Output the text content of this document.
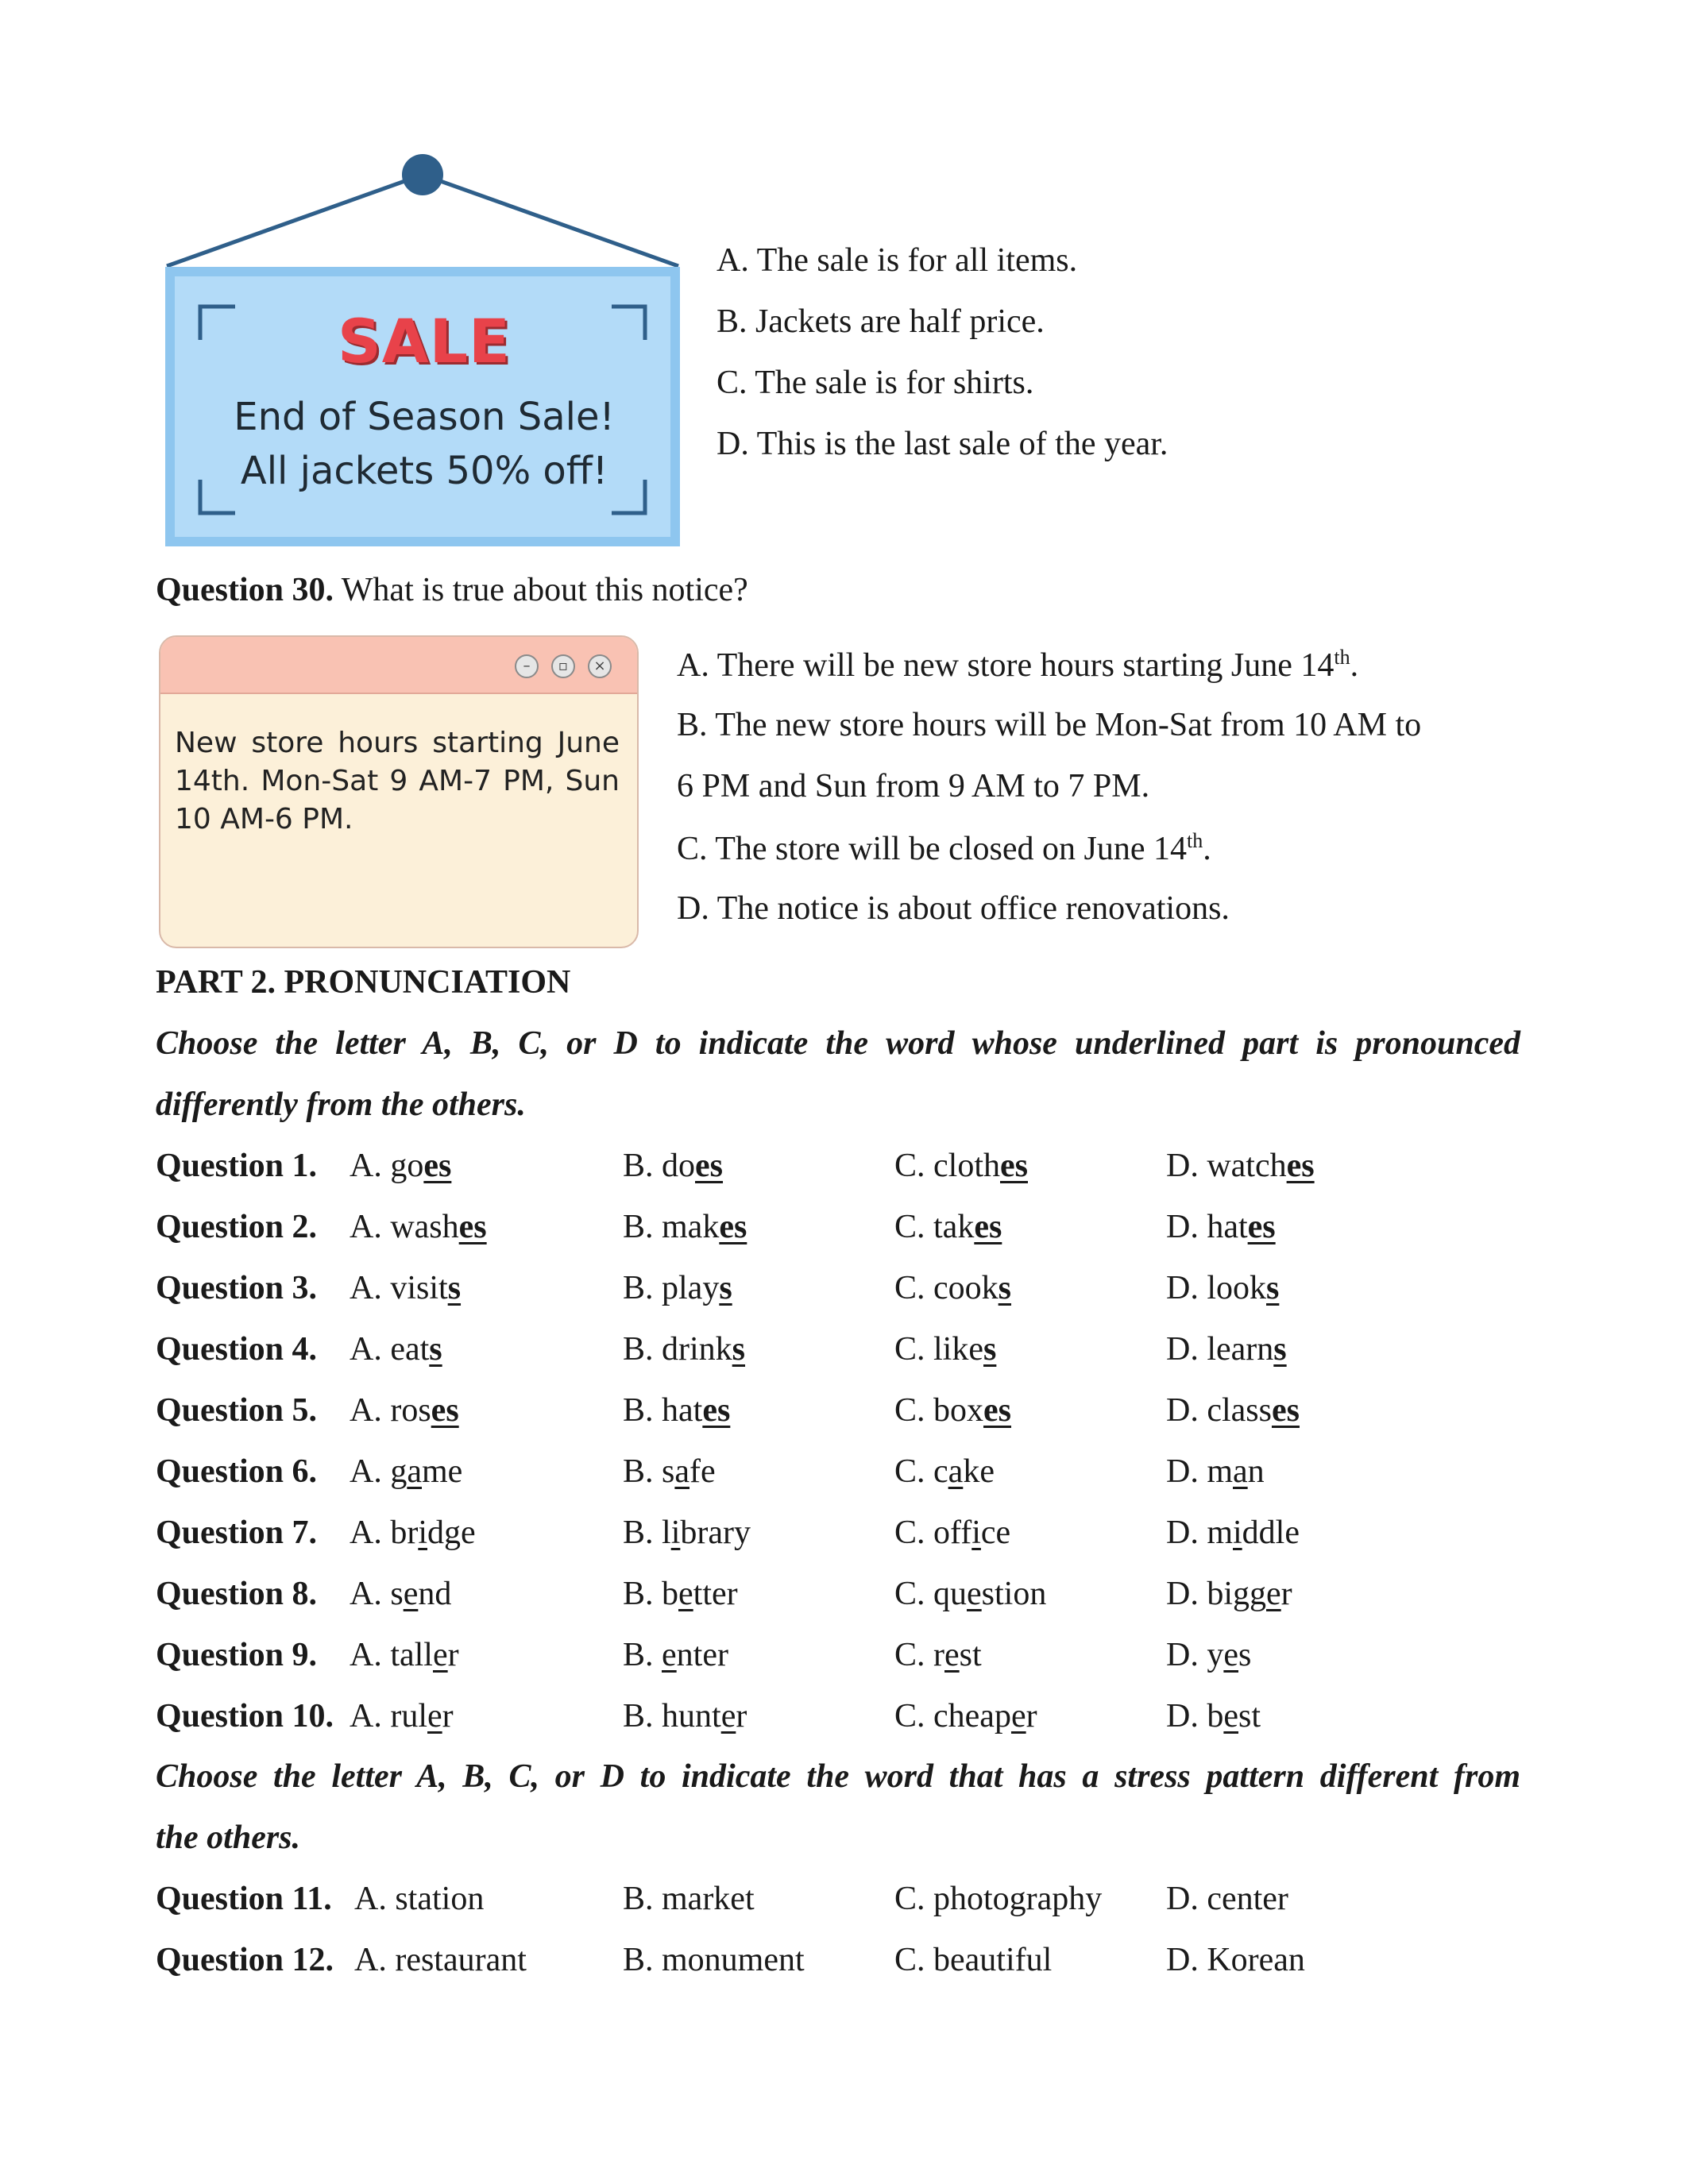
SALE
End of Season Sale!
All jackets 50% off!
A. The sale is for all items.
B. Jackets are half price.
C. The sale is for shirts.
D. This is the last sale of the year.
Question 30. What is true about this notice?
–	▫	×
New store hours starting June 14th. Mon-Sat 9 AM-7 PM, Sun 10 AM-6 PM.
A. There will be new store hours starting June 14th.
B. The new store hours will be Mon-Sat from 10 AM to
6 PM and Sun from 9 AM to 7 PM.
C. The store will be closed on June 14th.
D. The notice is about office renovations.
PART 2. PRONUNCIATION
Choose the letter A, B, C, or D to indicate the word whose underlined part is pronounced
differently from the others.
Question 1. A. goes	B. does	C. clothes	D. watches
Question 2. A. washes	B. makes	C. takes	D. hates
Question 3. A. visits	B. plays	C. cooks	D. looks
Question 4. A. eats	B. drinks	C. likes	D. learns
Question 5. A. roses	B. hates	C. boxes	D. classes
Question 6. A. game	B. safe	C. cake	D. man
Question 7. A. bridge	B. library	C. office	D. middle
Question 8. A. send	B. better	C. question	D. bigger
Question 9. A. taller	B. enter	C. rest	D. yes
Question 10. A. ruler	B. hunter	C. cheaper	D. best
Choose the letter A, B, C, or D to indicate the word that has a stress pattern different from
the others.
Question 11. A. station	B. market	C. photography D. center
Question 12. A. restaurant	B. monument	C. beautiful	D. Korean
